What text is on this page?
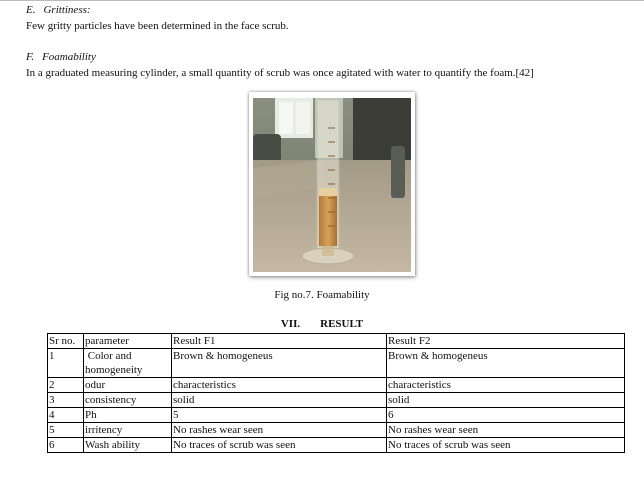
E. Grittiness:
Few gritty particles have been determined in the face scrub.
F. Foamability
In a graduated measuring cylinder, a small quantity of scrub was once agitated with water to quantify the foam.[42]
Fig no.7. Foamability
VII. RESULT
Sr no.	parameter	Result F1	Result F2
1	Color and homogeneity	Brown & homogeneus	Brown & homogeneus
2	odur	characteristics	characteristics
3	consistency	solid	solid
4	Ph	5	6
5	irritency	No rashes wear seen	No rashes wear seen
6	Wash ability	No traces of scrub was seen	No traces of scrub was seen
